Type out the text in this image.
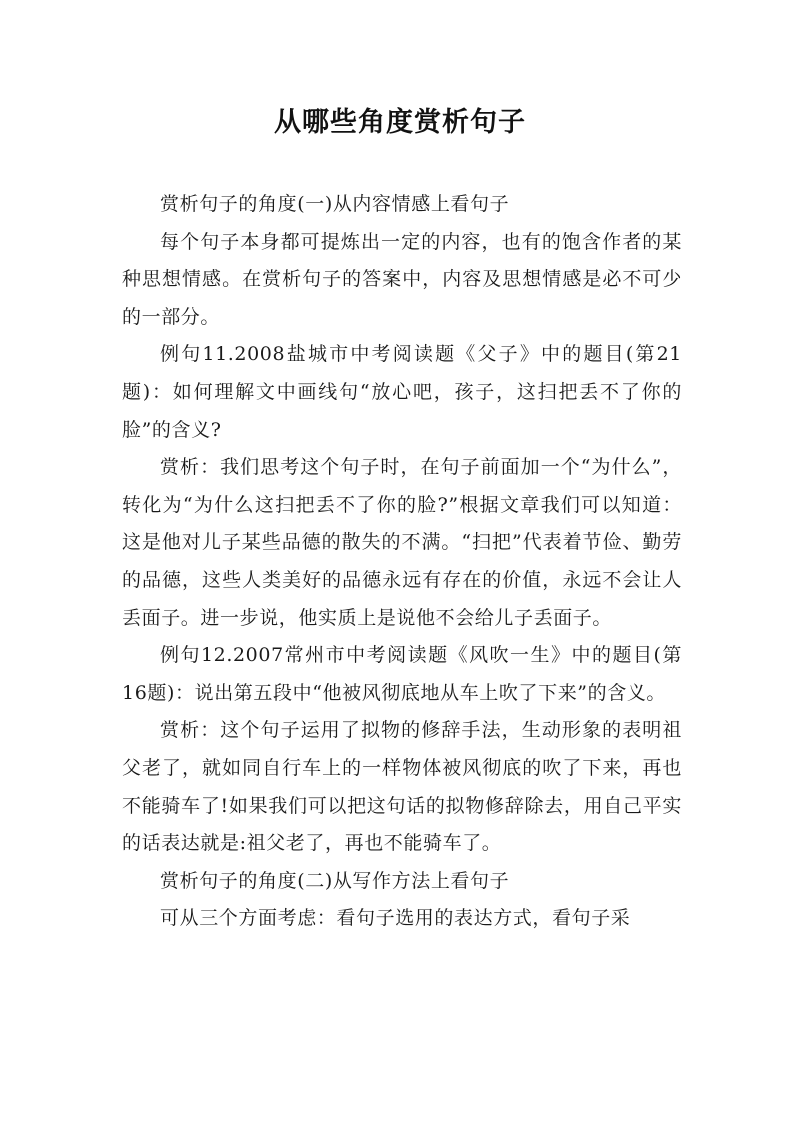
从哪些角度赏析句子

赏析句子的角度(一)从内容情感上看句子

每个句子本身都可提炼出一定的内容，也有的饱含作者的某种思想情感。在赏析句子的答案中，内容及思想情感是必不可少的一部分。

例句11.2008盐城市中考阅读题《父子》中的题目(第21题)：如何理解文中画线句“放心吧，孩子，这扫把丢不了你的脸”的含义?

赏析：我们思考这个句子时，在句子前面加一个“为什么”，转化为“为什么这扫把丢不了你的脸?”根据文章我们可以知道：这是他对儿子某些品德的散失的不满。“扫把”代表着节俭、勤劳的品德，这些人类美好的品德永远有存在的价值，永远不会让人丢面子。进一步说，他实质上是说他不会给儿子丢面子。

例句12.2007常州市中考阅读题《风吹一生》中的题目(第16题)：说出第五段中“他被风彻底地从车上吹了下来”的含义。

赏析：这个句子运用了拟物的修辞手法，生动形象的表明祖父老了，就如同自行车上的一样物体被风彻底的吹了下来，再也不能骑车了!如果我们可以把这句话的拟物修辞除去，用自己平实的话表达就是:祖父老了，再也不能骑车了。

赏析句子的角度(二)从写作方法上看句子

可从三个方面考虑：看句子选用的表达方式，看句子采
